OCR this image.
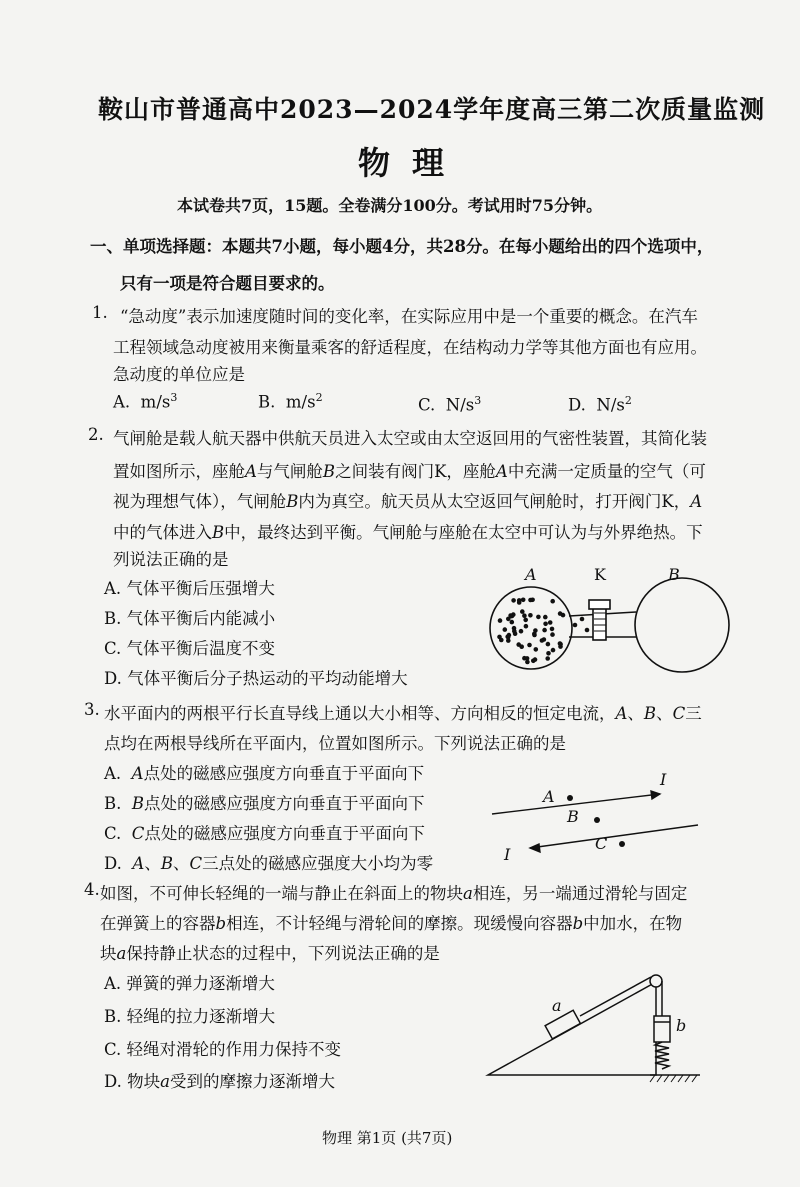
鞍山市普通高中2023—2024学年度高三第二次质量监测
物理
本试卷共7页，15题。全卷满分100分。考试用时75分钟。
一、单项选择题：本题共7小题，每小题4分，共28分。在每小题给出的四个选项中，
只有一项是符合题目要求的。
1. “急动度”表示加速度随时间的变化率，在实际应用中是一个重要的概念。在汽车
工程领域急动度被用来衡量乘客的舒适程度，在结构动力学等其他方面也有应用。
急动度的单位应是
A. $m/s^3$	B. $m/s^2$	C. $N/s^3$	D. $N/s^2$
2. 气闸舱是载人航天器中供航天员进入太空或由太空返回用的气密性装置，其简化装
置如图所示，座舱A与气闸舱B之间装有阀门K，座舱A中充满一定质量的空气（可
视为理想气体），气闸舱B内为真空。航天员从太空返回气闸舱时，打开阀门K，A
中的气体进入B中，最终达到平衡。气闸舱与座舱在太空中可认为与外界绝热。下
列说法正确的是
A. 气体平衡后压强增大
B. 气体平衡后内能减小
C. 气体平衡后温度不变
D. 气体平衡后分子热运动的平均动能增大
A	K	B
3. 水平面内的两根平行长直导线上通以大小相等、方向相反的恒定电流，A、B、C三
点均在两根导线所在平面内，位置如图所示。下列说法正确的是
A. A点处的磁感应强度方向垂直于平面向下
B. B点处的磁感应强度方向垂直于平面向下
C. C点处的磁感应强度方向垂直于平面向下
D. A、B、C三点处的磁感应强度大小均为零
I
I
A
B
C
4. 如图，不可伸长轻绳的一端与静止在斜面上的物块a相连，另一端通过滑轮与固定
在弹簧上的容器b相连，不计轻绳与滑轮间的摩擦。现缓慢向容器b中加水，在物
块a保持静止状态的过程中，下列说法正确的是
A. 弹簧的弹力逐渐增大
B. 轻绳的拉力逐渐增大
C. 轻绳对滑轮的作用力保持不变
D. 物块a受到的摩擦力逐渐增大
a
b
物理 第1页 (共7页)
